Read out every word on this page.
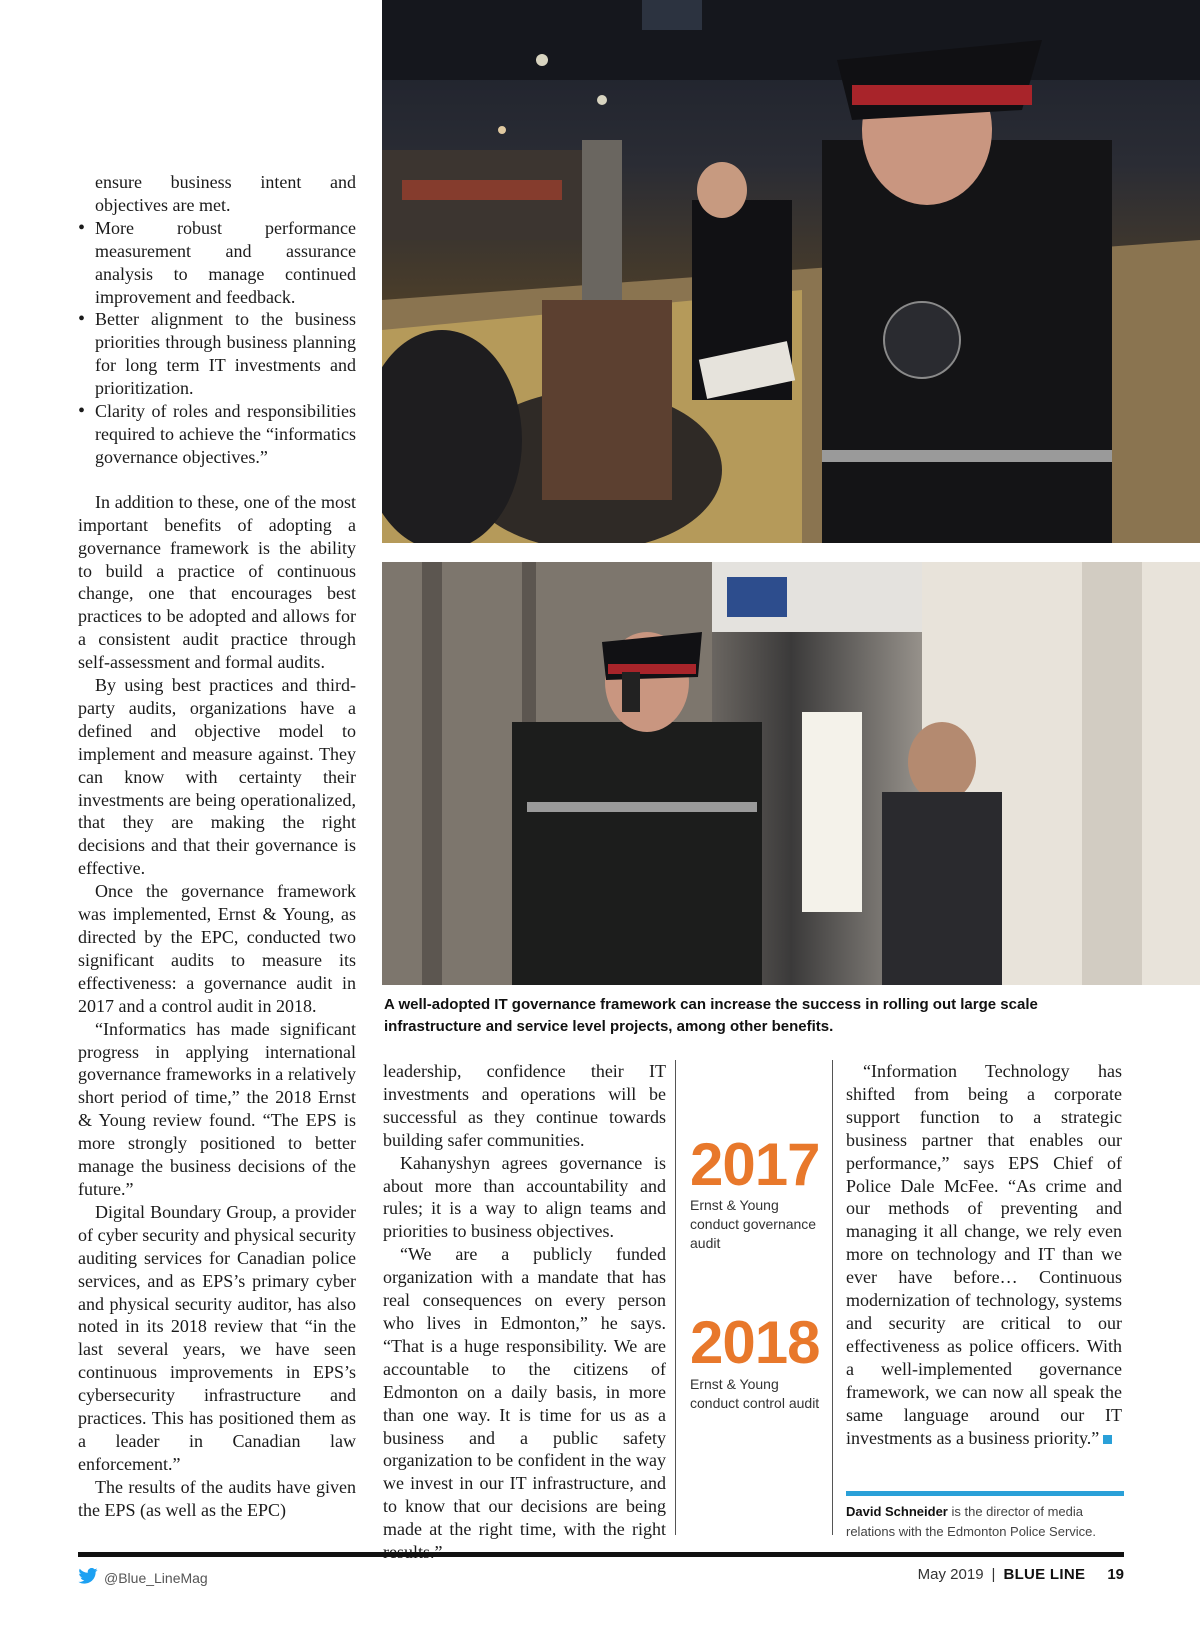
ensure business intent and objectives are met.
• More robust performance measurement and assurance analysis to manage continued improvement and feedback.
• Better alignment to the business priorities through business planning for long term IT investments and prioritization.
• Clarity of roles and responsibilities required to achieve the “informatics governance objectives.”

In addition to these, one of the most important benefits of adopting a governance framework is the ability to build a practice of continuous change, one that encourages best practices to be adopted and allows for a consistent audit practice through self-assessment and formal audits.

By using best practices and third-party audits, organizations have a defined and objective model to implement and measure against. They can know with certainty their investments are being operationalized, that they are making the right decisions and that their governance is effective.

Once the governance framework was implemented, Ernst & Young, as directed by the EPC, conducted two significant audits to measure its effectiveness: a governance audit in 2017 and a control audit in 2018.

“Informatics has made significant progress in applying international governance frameworks in a relatively short period of time,” the 2018 Ernst & Young review found. “The EPS is more strongly positioned to better manage the business decisions of the future.”

Digital Boundary Group, a provider of cyber security and physical security auditing services for Canadian police services, and as EPS’s primary cyber and physical security auditor, has also noted in its 2018 review that “in the last several years, we have seen continuous improvements in EPS’s cybersecurity infrastructure and practices. This has positioned them as a leader in Canadian law enforcement.”

The results of the audits have given the EPS (as well as the EPC)

A well-adopted IT governance framework can increase the success in rolling out large scale infrastructure and service level projects, among other benefits.

leadership, confidence their IT investments and operations will be successful as they continue towards building safer communities.

Kahanyshyn agrees governance is about more than accountability and rules; it is a way to align teams and priorities to business objectives.

“We are a publicly funded organization with a mandate that has real consequences on every person who lives in Edmonton,” he says. “That is a huge responsibility. We are accountable to the citizens of Edmonton on a daily basis, in more than one way. It is time for us as a business and a public safety organization to be confident in the way we invest in our IT infrastructure, and to know that our decisions are being made at the right time, with the right

2017
Ernst & Young conduct governance audit
2018
Ernst & Young conduct control audit

“Information Technology has shifted from being a corporate support function to a strategic business partner that enables our performance,” says EPS Chief of Police Dale McFee. “As crime and our methods of preventing and managing it all change, we rely even more on technology and IT than we ever have before… Continuous modernization of technology, systems and security are critical to our effectiveness as police officers. With a well-implemented governance framework, we can now all speak the same language around our IT investments as a business priority.”

David Schneider is the director of media relations with the Edmonton Police Service.
@Blue_LineMag	May 2019 | BLUE LINE 19
